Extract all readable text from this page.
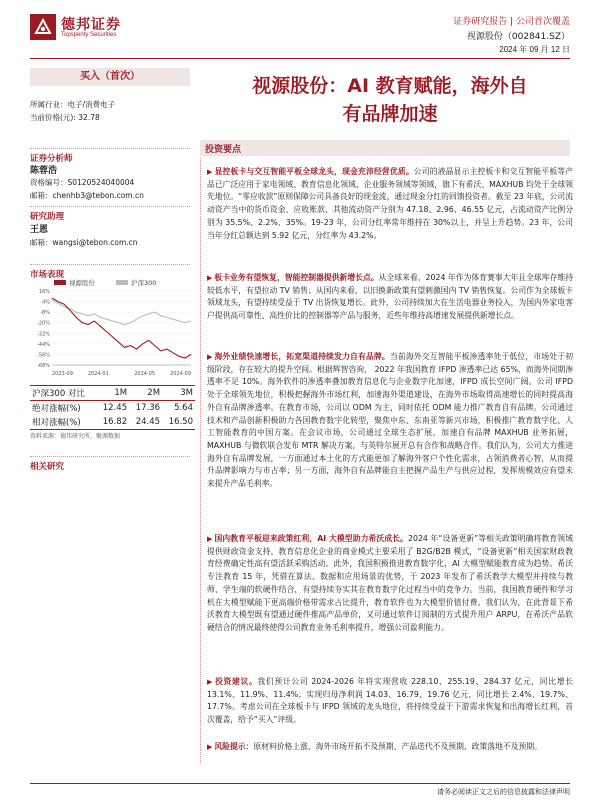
德邦证券
Topsperity Securities
证券研究报告 | 公司首次覆盖
视源股份（002841.SZ）
2024 年 09 月 12 日
买入（首次）
所属行业：电子/消费电子
当前价格(元): 32.78
证券分析师
陈蓉浩
资格编号：S0120524040004
邮箱：chenhb3@tebon.com.cn
研究助理
王恩
邮箱：wangsi@tebon.com.cn
市场表现
视源股份	沪深300
16%
4%
-8%
-20%
-32%
-44%
-56%
-68%
2023-09	2024-01	2024-05	2024-09
沪深300 对比	1M	2M	3M
绝对涨幅(%)	12.45	17.36	5.64
相对涨幅(%)	16.82	24.45	16.50
资料来源：德邦研究所，聚源数据
相关研究
视源股份：AI 教育赋能，海外自
有品牌加速
投资要点
▶ 显控板卡与交互智能平板全球龙头，现金充沛经营优质。公司的液晶显示主控板卡和交互智能平板等产品已广泛应用于家电领域、教育信息化领域、企业服务领域等领域，旗下有希沃、MAXHUB 均处于全球领先地位。“零应收款”原则保障公司具备良好的现金流，通过现金分红的回馈投资者。截至 23 年底，公司流动资产当中的货币资金、应收账款、其他流动资产分别为 47.18、2.96、46.55 亿元，占流动资产比例分别为 35.5%、2.2%、35%。19-23 年，公司分红率常年维持在 30%以上，并呈上升趋势。23 年，公司当年分红总额达到 5.92 亿元，分红率为 43.2%。
▶ 板卡业务有望恢复，智能控制器提供新增长点。从全球来看，2024 年作为体育赛事大年且全球库存维持较低水平，有望拉动 TV 销售；从国内来看，以旧换新政策有望刺激国内 TV 销售恢复。公司作为全球板卡领域龙头，有望持续受益于 TV 出货恢复增长。此外，公司持续加大在生活电器业务投入，为国内外家电客户提供高可靠性、高性价比的控制器等产品与服务，近些年维持高增速发展提供新增长点。
▶ 海外业绩快速增长，拓宽渠道持续发力自有品牌。当前海外交互智能平板渗透率处于低位，市场处于初级阶段，存在较大的提升空间。根据辉智咨询， 2022 年我国教育 IFPD 渗透率已达 65%，而海外同期渗透率不足 10%。海外软件的渗透率叠加教育信息化与企业数字化加速，IFPD 成长空间广阔。公司 IFPD 处于全球领先地位，积极把握海外市场红利，加速海外渠道建设，在海外市场取得高速增长的同时提高海外自有品牌渗透率。在教育市场，公司以 ODM 为主，同时依托 ODM 能力推广教育自有品牌。公司通过技术和产品创新积极助力各国教育数字化转型，聚焦中东、东南亚等新兴市场，积极推广教育数字化、人工智能教育的中国方案。在会议市场，公司通过全球生态扩展，加速自有品牌 MAXHUB 业务拓展，MAXHUB 与微软联合发布 MTR 解决方案，与英特尔展开总有合作和战略合作。我们认为，公司大力推进海外自有品牌发展，一方面通过本土化的方式能更加了解海外客户个性化需求，占领消费者心智，从而提升品牌影响力与市占率；另一方面，海外自有品牌能自主把握产品生产与供应过程，发挥规模效应有望未来提升产品毛利率。
▶ 国内教育平板迎来政策红利，AI 大模型助力希沃成长。2024 年“设备更新”等相关政策明确将教育领域提供财政资金支持，教育信息化企业的商业模式主要采用了 B2G/B2B 模式，“设备更新”相关国家财政教育经费确定性高有望活跃采购活动。此外，我国积极推进教育数字化，AI 大模型赋能教育成为趋势。希沃专注教育 15 年，凭借在算法、数据和应用场景的优势，于 2023 年发布了希沃教学大模型并持续与教师、学生端的软硬件结合，有望持续夯实其在教育数字化过程当中的竞争力。当前，我国教育硬件和学习机在大模型赋能下更高端价格带需求占比提升，教育软件也为大模型价值付费。我们认为，在此背景下希沃教育大模型既有望通过硬件推高产品单价，又可通过软件订阅制的方式提升用户 ARPU，在希沃产品软硬结合的情况最终使得公司教育业务毛利率提升，增强公司盈利能力。
▶ 投资建议。我们预计公司 2024-2026 年将实现营收 228.10、255.19、284.37 亿元，同比增长 13.1%、11.9%、11.4%；实现归母净利润 14.03、16.79、19.76 亿元，同比增长 2.4%、19.7%、17.7%。考虑公司在全球板卡与 IFPD 领域的龙头地位，将持续受益于下游需求恢复和出海增长红利，首次覆盖，给予“买入”评级。
▶ 风险提示：原材料价格上涨、海外市场开拓不及预期、产品迭代不及预期、政策落地不及预期。
请务必阅读正文之后的信息披露和法律声明
